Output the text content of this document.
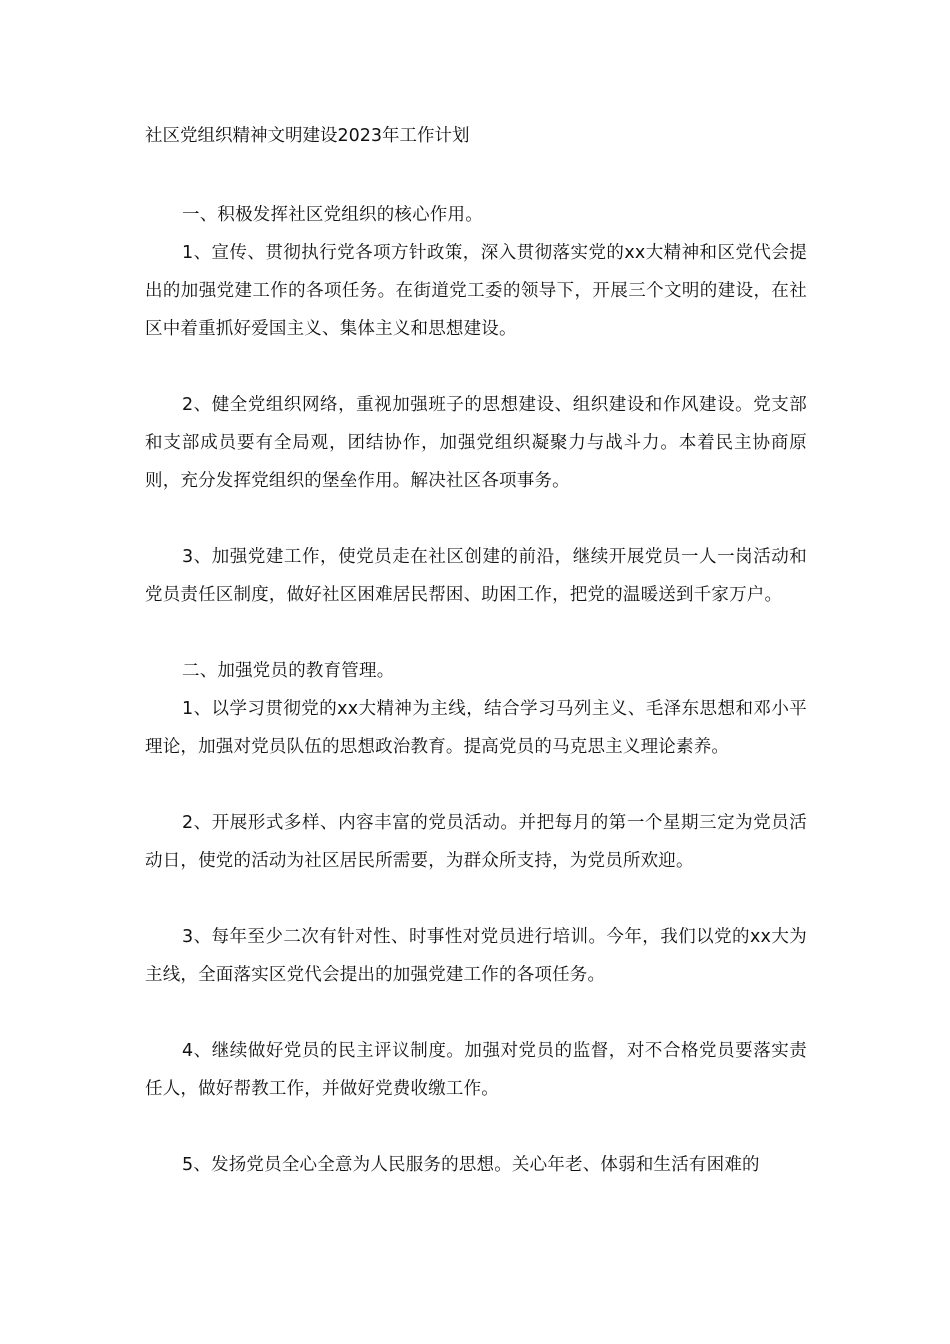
社区党组织精神文明建设2023年工作计划

一、积极发挥社区党组织的核心作用。

1、宣传、贯彻执行党各项方针政策，深入贯彻落实党的xx大精神和区党代会提出的加强党建工作的各项任务。在街道党工委的领导下，开展三个文明的建设，在社区中着重抓好爱国主义、集体主义和思想建设。

2、健全党组织网络，重视加强班子的思想建设、组织建设和作风建设。党支部和支部成员要有全局观，团结协作，加强党组织凝聚力与战斗力。本着民主协商原则，充分发挥党组织的堡垒作用。解决社区各项事务。

3、加强党建工作，使党员走在社区创建的前沿，继续开展党员一人一岗活动和党员责任区制度，做好社区困难居民帮困、助困工作，把党的温暖送到千家万户。

二、加强党员的教育管理。

1、以学习贯彻党的xx大精神为主线，结合学习马列主义、毛泽东思想和邓小平理论，加强对党员队伍的思想政治教育。提高党员的马克思主义理论素养。

2、开展形式多样、内容丰富的党员活动。并把每月的第一个星期三定为党员活动日，使党的活动为社区居民所需要，为群众所支持，为党员所欢迎。

3、每年至少二次有针对性、时事性对党员进行培训。今年，我们以党的xx大为主线，全面落实区党代会提出的加强党建工作的各项任务。

4、继续做好党员的民主评议制度。加强对党员的监督，对不合格党员要落实责任人，做好帮教工作，并做好党费收缴工作。

5、发扬党员全心全意为人民服务的思想。关心年老、体弱和生活有困难的
